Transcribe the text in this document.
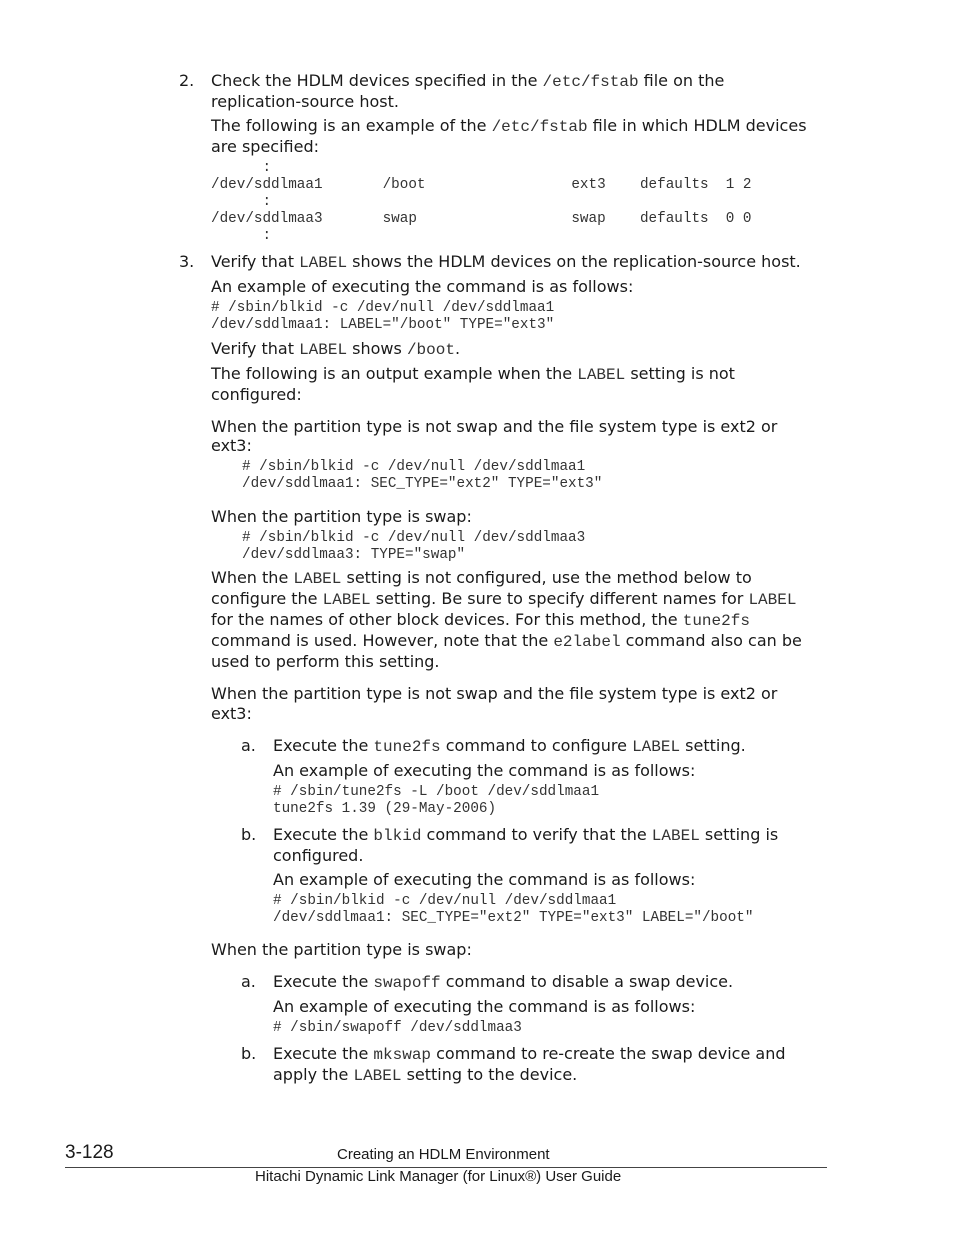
2. Check the HDLM devices specified in the /etc/fstab file on the
replication-source host.
The following is an example of the /etc/fstab file in which HDLM devices
are specified:
:
/dev/sddlmaa1       /boot                 ext3    defaults  1 2
:
/dev/sddlmaa3       swap                  swap    defaults  0 0
:
3. Verify that LABEL shows the HDLM devices on the replication-source host.
An example of executing the command is as follows:
# /sbin/blkid -c /dev/null /dev/sddlmaa1
/dev/sddlmaa1: LABEL="/boot" TYPE="ext3"
Verify that LABEL shows /boot.
The following is an output example when the LABEL setting is not
configured:
When the partition type is not swap and the file system type is ext2 or
ext3:
# /sbin/blkid -c /dev/null /dev/sddlmaa1
/dev/sddlmaa1: SEC_TYPE="ext2" TYPE="ext3"
When the partition type is swap:
# /sbin/blkid -c /dev/null /dev/sddlmaa3
/dev/sddlmaa3: TYPE="swap"
When the LABEL setting is not configured, use the method below to
configure the LABEL setting. Be sure to specify different names for LABEL
for the names of other block devices. For this method, the tune2fs
command is used. However, note that the e2label command also can be
used to perform this setting.
When the partition type is not swap and the file system type is ext2 or
ext3:
a. Execute the tune2fs command to configure LABEL setting.
An example of executing the command is as follows:
# /sbin/tune2fs -L /boot /dev/sddlmaa1
tune2fs 1.39 (29-May-2006)
b. Execute the blkid command to verify that the LABEL setting is
configured.
An example of executing the command is as follows:
# /sbin/blkid -c /dev/null /dev/sddlmaa1
/dev/sddlmaa1: SEC_TYPE="ext2" TYPE="ext3" LABEL="/boot"
When the partition type is swap:
a. Execute the swapoff command to disable a swap device.
An example of executing the command is as follows:
# /sbin/swapoff /dev/sddlmaa3
b. Execute the mkswap command to re-create the swap device and
apply the LABEL setting to the device.
3-128	Creating an HDLM Environment
Hitachi Dynamic Link Manager (for Linux®) User Guide
